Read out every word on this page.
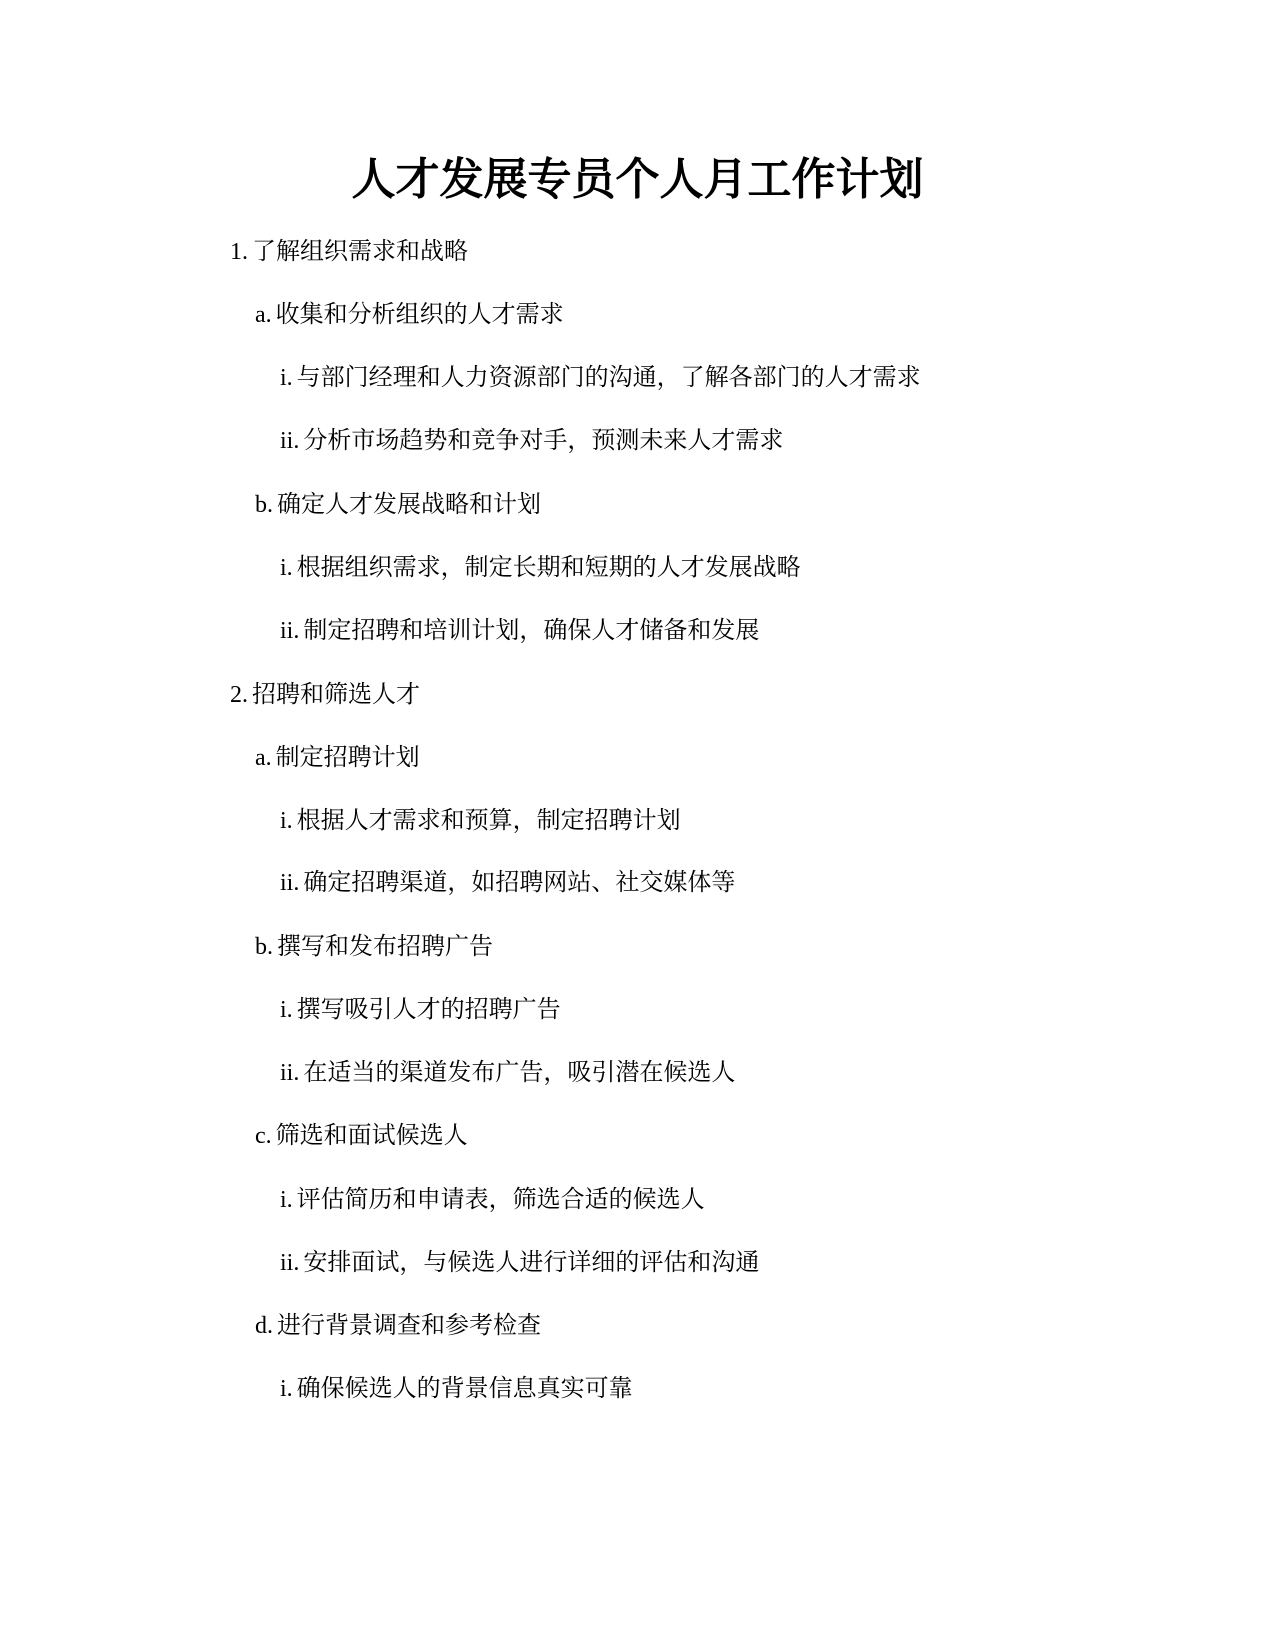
人才发展专员个人月工作计划

1. 了解组织需求和战略

a. 收集和分析组织的人才需求

i. 与部门经理和人力资源部门的沟通，了解各部门的人才需求

ii. 分析市场趋势和竞争对手，预测未来人才需求

b. 确定人才发展战略和计划

i. 根据组织需求，制定长期和短期的人才发展战略

ii. 制定招聘和培训计划，确保人才储备和发展

2. 招聘和筛选人才

a. 制定招聘计划

i. 根据人才需求和预算，制定招聘计划

ii. 确定招聘渠道，如招聘网站、社交媒体等

b. 撰写和发布招聘广告

i. 撰写吸引人才的招聘广告

ii. 在适当的渠道发布广告，吸引潜在候选人

c. 筛选和面试候选人

i. 评估简历和申请表，筛选合适的候选人

ii. 安排面试，与候选人进行详细的评估和沟通

d. 进行背景调查和参考检查

i. 确保候选人的背景信息真实可靠
